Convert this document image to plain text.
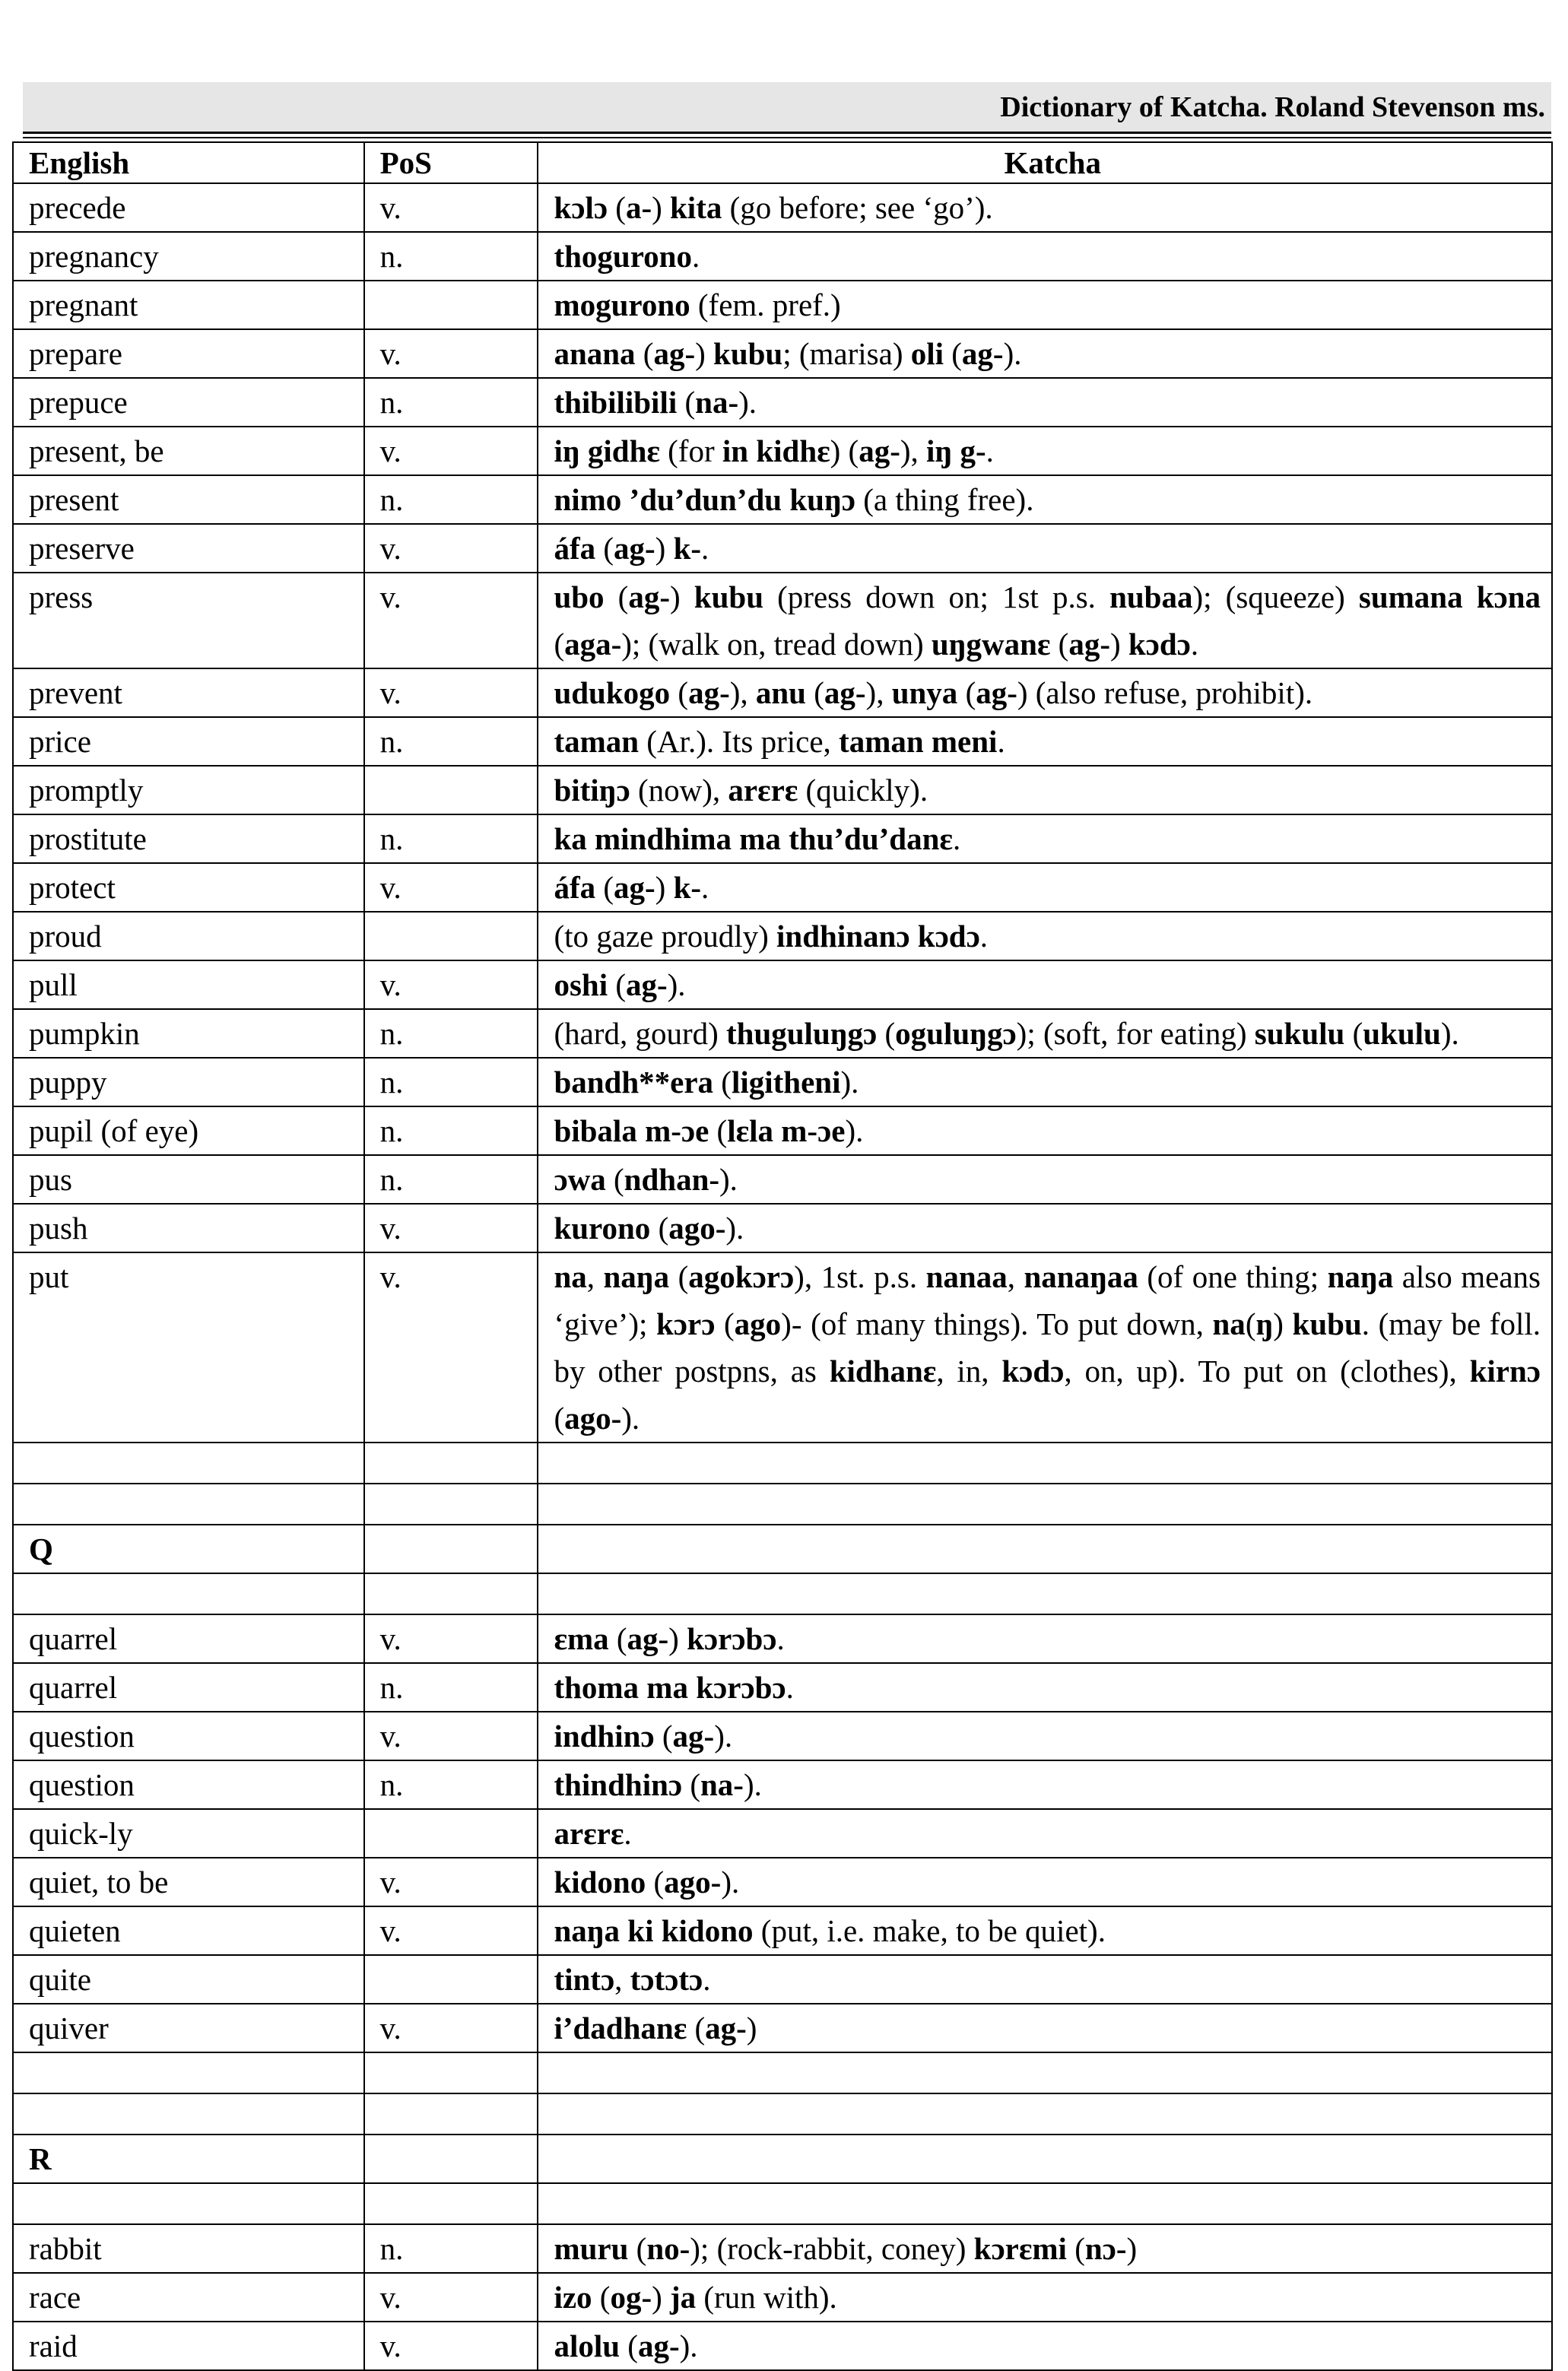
Dictionary of Katcha. Roland Stevenson ms.
English	PoS	Katcha
precede	v.	kɔlɔ (a-) kita (go before; see ‘go’).
pregnancy	n.	thogurono.
pregnant		mogurono (fem. pref.)
prepare	v.	anana (ag-) kubu; (marisa) oli (ag-).
prepuce	n.	thibilibili (na-).
present, be	v.	iŋ gidhɛ (for in kidhɛ) (ag-), iŋ g-.
present	n.	nimo ’du’dun’du kuŋɔ (a thing free).
preserve	v.	áfa (ag-) k-.
press	v.	ubo (ag-) kubu (press down on; 1st p.s. nubaa); (squeeze) sumana kɔna (aga-); (walk on, tread down) uŋgwanɛ (ag-) kɔdɔ.
prevent	v.	udukogo (ag-), anu (ag-), unya (ag-) (also refuse, prohibit).
price	n.	taman (Ar.). Its price, taman meni.
promptly		bitiŋɔ (now), arɛrɛ (quickly).
prostitute	n.	ka mindhima ma thu’du’danɛ.
protect	v.	áfa (ag-) k-.
proud		(to gaze proudly) indhinanɔ kɔdɔ.
pull	v.	oshi (ag-).
pumpkin	n.	(hard, gourd) thuguluŋgɔ (oguluŋgɔ); (soft, for eating) sukulu (ukulu).
puppy	n.	bandh**era (ligitheni).
pupil (of eye)	n.	bibala m-ɔe (lɛla m-ɔe).
pus	n.	ɔwa (ndhan-).
push	v.	kurono (ago-).
put	v.	na, naŋa (agokɔrɔ), 1st. p.s. nanaa, nanaŋaa (of one thing; naŋa also means ‘give’); kɔrɔ (ago)- (of many things). To put down, na(ŋ) kubu. (may be foll. by other postpns, as kidhanɛ, in, kɔdɔ, on, up). To put on (clothes), kirnɔ (ago-).

Q		

quarrel	v.	ɛma (ag-) kɔrɔbɔ.
quarrel	n.	thoma ma kɔrɔbɔ.
question	v.	indhinɔ (ag-).
question	n.	thindhinɔ (na-).
quick-ly		arɛrɛ.
quiet, to be	v.	kidono (ago-).
quieten	v.	naŋa ki kidono (put, i.e. make, to be quiet).
quite		tintɔ, tɔtɔtɔ.
quiver	v.	i’dadhanɛ (ag-)

R		

rabbit	n.	muru (no-); (rock-rabbit, coney) kɔrɛmi (nɔ-)
race	v.	izo (og-) ja (run with).
raid	v.	alolu (ag-).
